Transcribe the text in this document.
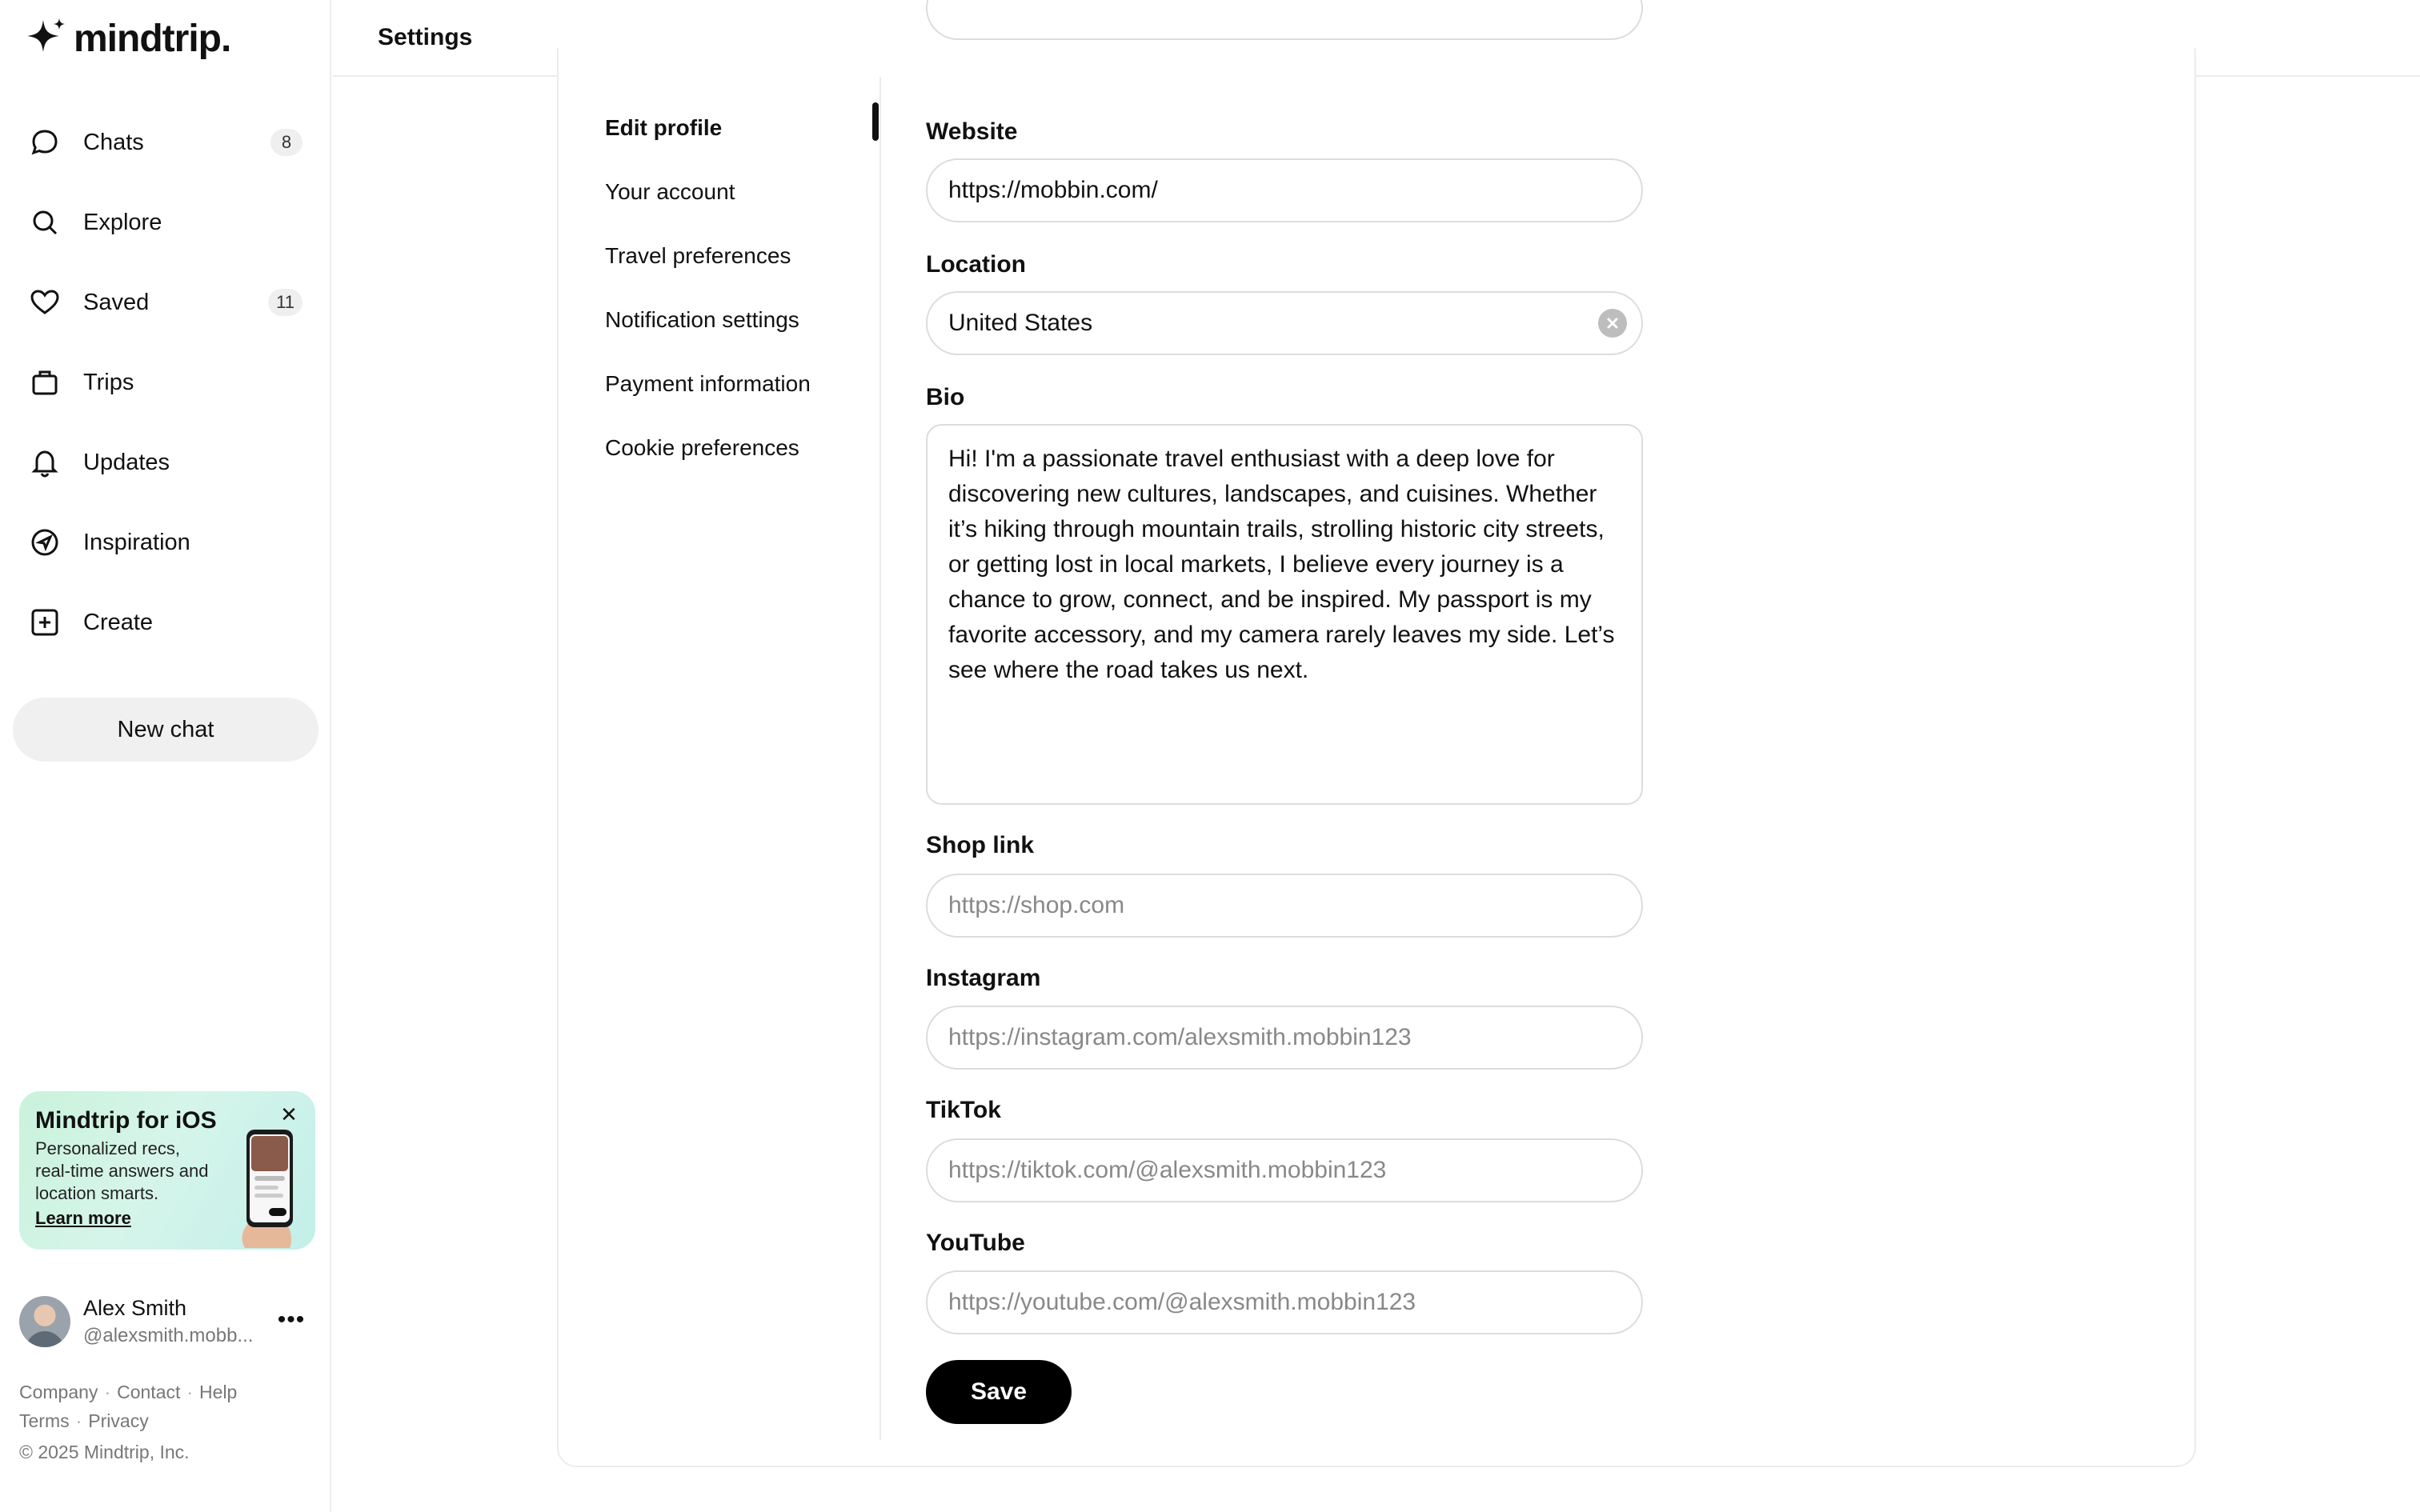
mindtrip.
Chats	8
Explore
Saved	11
Trips
Updates
Inspiration
Create
New chat
Mindtrip for iOS
Personalized recs, real-time answers and location smarts.
Learn more
✕
Alex Smith
@alexsmith.mobb...
•••
Company · Contact · Help
Terms · Privacy
© 2025 Mindtrip, Inc.
Settings
Edit profile
Your account
Travel preferences
Notification settings
Payment information
Cookie preferences
Website
https://mobbin.com/
Location
United States
Bio
Hi! I'm a passionate travel enthusiast with a deep love for discovering new cultures, landscapes, and cuisines. Whether it’s hiking through mountain trails, strolling historic city streets, or getting lost in local markets, I believe every journey is a chance to grow, connect, and be inspired. My passport is my favorite accessory, and my camera rarely leaves my side. Let’s see where the road takes us next.
Shop link
https://shop.com
Instagram
https://instagram.com/alexsmith.mobbin123
TikTok
https://tiktok.com/@alexsmith.mobbin123
YouTube
https://youtube.com/@alexsmith.mobbin123
Save
